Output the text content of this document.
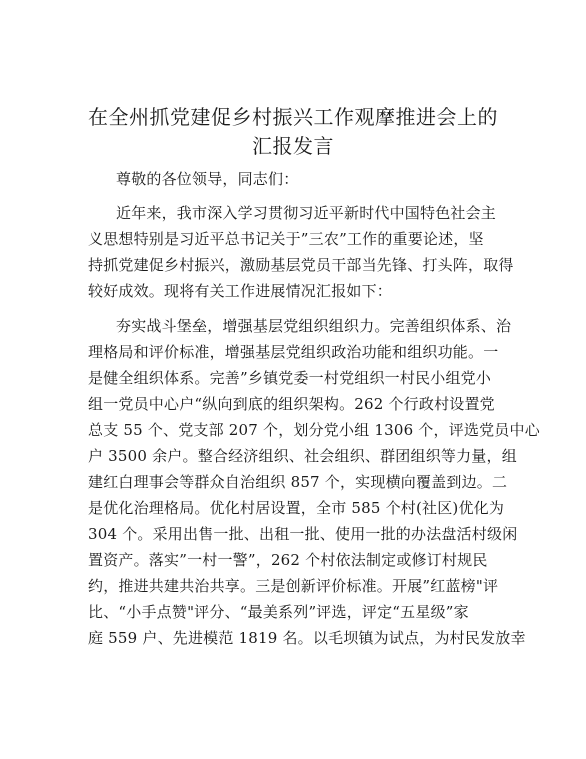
在全州抓党建促乡村振兴工作观摩推进会上的
汇报发言
尊敬的各位领导，同志们：
近年来，我市深入学习贯彻习近平新时代中国特色社会主
义思想特别是习近平总书记关于”三农”工作的重要论述，坚
持抓党建促乡村振兴，激励基层党员干部当先锋、打头阵，取得
较好成效。现将有关工作进展情况汇报如下：
夯实战斗堡垒，增强基层党组织组织力。完善组织体系、治
理格局和评价标准，增强基层党组织政治功能和组织功能。一
是健全组织体系。完善”乡镇党委一村党组织一村民小组党小
组一党员中心户“纵向到底的组织架构。262 个行政村设置党
总支 55 个、党支部 207 个，划分党小组 1306 个，评选党员中心
户 3500 余户。整合经济组织、社会组织、群团组织等力量，组
建红白理事会等群众自治组织 857 个，实现横向覆盖到边。二
是优化治理格局。优化村居设置，全市 585 个村(社区)优化为
304 个。采用出售一批、出租一批、使用一批的办法盘活村级闲
置资产。落实”一村一警”，262 个村依法制定或修订村规民
约，推进共建共治共享。三是创新评价标准。开展”红蓝榜"评
比、“小手点赞"评分、“最美系列”评选，评定“五星级”家
庭 559 户、先进模范 1819 名。以毛坝镇为试点，为村民发放幸
